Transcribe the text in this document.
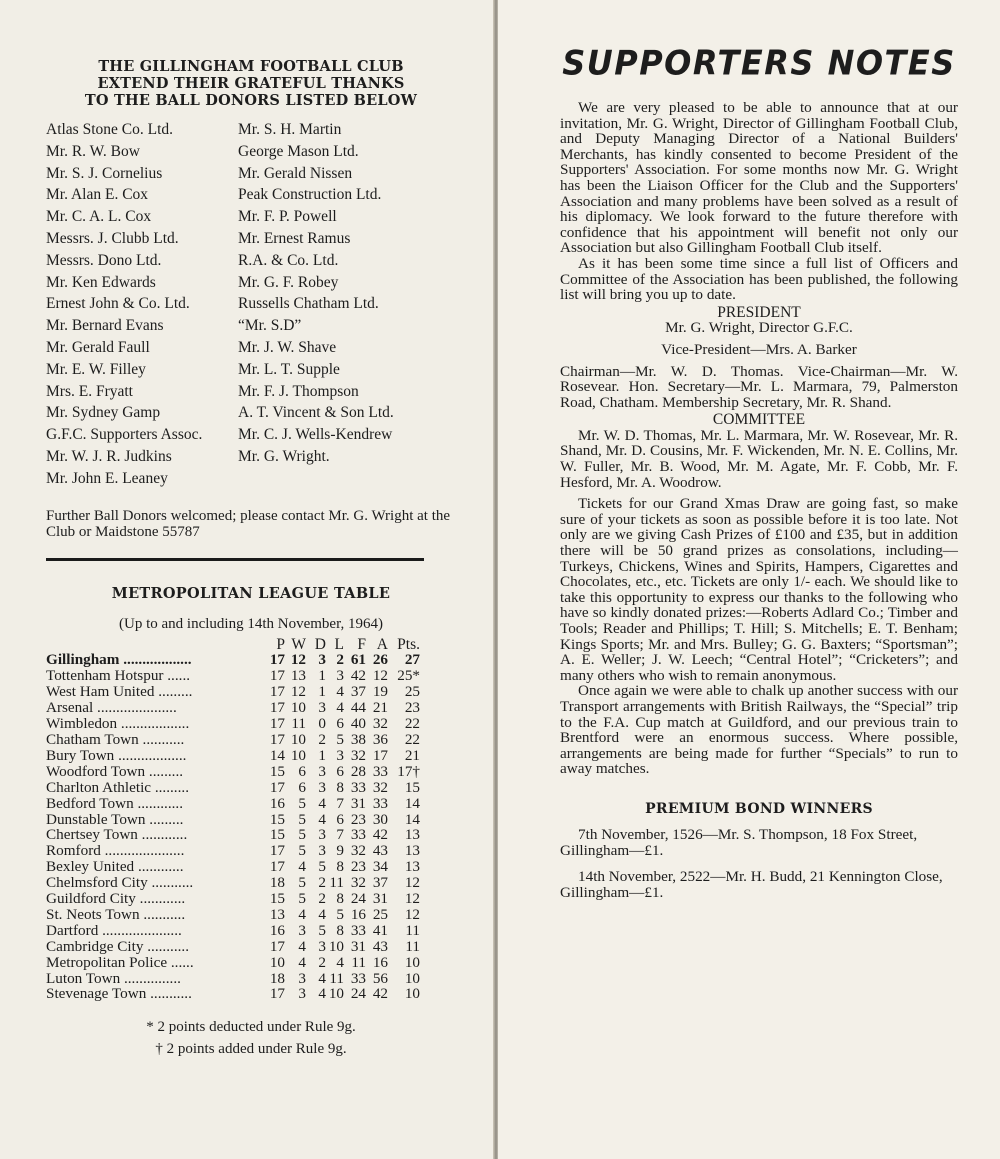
THE GILLINGHAM FOOTBALL CLUB
EXTEND THEIR GRATEFUL THANKS
TO THE BALL DONORS LISTED BELOW
Atlas Stone Co. Ltd.	Mr. S. H. Martin
Mr. R. W. Bow	George Mason Ltd.
Mr. S. J. Cornelius	Mr. Gerald Nissen
Mr. Alan E. Cox	Peak Construction Ltd.
Mr. C. A. L. Cox	Mr. F. P. Powell
Messrs. J. Clubb Ltd.	Mr. Ernest Ramus
Messrs. Dono Ltd.	R.A. & Co. Ltd.
Mr. Ken Edwards	Mr. G. F. Robey
Ernest John & Co. Ltd.	Russells Chatham Ltd.
Mr. Bernard Evans	“Mr. S.D”
Mr. Gerald Faull	Mr. J. W. Shave
Mr. E. W. Filley	Mr. L. T. Supple
Mrs. E. Fryatt	Mr. F. J. Thompson
Mr. Sydney Gamp	A. T. Vincent & Son Ltd.
G.F.C. Supporters Assoc.	Mr. C. J. Wells-Kendrew
Mr. W. J. R. Judkins	Mr. G. Wright.
Mr. John E. Leaney
Further Ball Donors welcomed; please contact Mr. G. Wright at the Club or Maidstone 55787
METROPOLITAN LEAGUE TABLE
(Up to and including 14th November, 1964)
	P	W	D	L	F	A	Pts.
Gillingham ..................	17	12	3	2	61	26	27
Tottenham Hotspur ......	17	13	1	3	42	12	25*
West Ham United .........	17	12	1	4	37	19	25
Arsenal .....................	17	10	3	4	44	21	23
Wimbledon ..................	17	11	0	6	40	32	22
Chatham Town ...........	17	10	2	5	38	36	22
Bury Town ..................	14	10	1	3	32	17	21
Woodford Town .........	15	6	3	6	28	33	17†
Charlton Athletic .........	17	6	3	8	33	32	15
Bedford Town ............	16	5	4	7	31	33	14
Dunstable Town .........	15	5	4	6	23	30	14
Chertsey Town ............	15	5	3	7	33	42	13
Romford .....................	17	5	3	9	32	43	13
Bexley United ............	17	4	5	8	23	34	13
Chelmsford City ...........	18	5	2	11	32	37	12
Guildford City ............	15	5	2	8	24	31	12
St. Neots Town ...........	13	4	4	5	16	25	12
Dartford .....................	16	3	5	8	33	41	11
Cambridge City ...........	17	4	3	10	31	43	11
Metropolitan Police ......	10	4	2	4	11	16	10
Luton Town ...............	18	3	4	11	33	56	10
Stevenage Town ...........	17	3	4	10	24	42	10
* 2 points deducted under Rule 9g.
† 2 points added under Rule 9g.
SUPPORTERS NOTES

We are very pleased to be able to announce that at our invitation, Mr. G. Wright, Director of Gillingham Football Club, and Deputy Managing Director of a National Builders' Merchants, has kindly consented to become President of the Supporters' Association. For some months now Mr. G. Wright has been the Liaison Officer for the Club and the Supporters' Association and many problems have been solved as a result of his diplomacy. We look forward to the future therefore with confidence that his appointment will benefit not only our Association but also Gillingham Football Club itself.

As it has been some time since a full list of Officers and Committee of the Association has been published, the following list will bring you up to date.

PRESIDENT

Mr. G. Wright, Director G.F.C.

Vice-President—Mrs. A. Barker

Chairman—Mr. W. D. Thomas. Vice-Chairman—Mr. W. Rosevear. Hon. Secretary—Mr. L. Marmara, 79, Palmerston Road, Chatham. Membership Secretary, Mr. R. Shand.

COMMITTEE

Mr. W. D. Thomas, Mr. L. Marmara, Mr. W. Rosevear, Mr. R. Shand, Mr. D. Cousins, Mr. F. Wickenden, Mr. N. E. Collins, Mr. W. Fuller, Mr. B. Wood, Mr. M. Agate, Mr. F. Cobb, Mr. F. Hesford, Mr. A. Woodrow.

Tickets for our Grand Xmas Draw are going fast, so make sure of your tickets as soon as possible before it is too late. Not only are we giving Cash Prizes of £100 and £35, but in addition there will be 50 grand prizes as consolations, including—Turkeys, Chickens, Wines and Spirits, Hampers, Cigarettes and Chocolates, etc., etc. Tickets are only 1/- each. We should like to take this opportunity to express our thanks to the following who have so kindly donated prizes:—Roberts Adlard Co.; Timber and Tools; Reader and Phillips; T. Hill; S. Mitchells; E. T. Benham; Kings Sports; Mr. and Mrs. Bulley; G. G. Baxters; “Sportsman”; A. E. Weller; J. W. Leech; “Central Hotel”; “Cricketers”; and many others who wish to remain anonymous.

Once again we were able to chalk up another success with our Transport arrangements with British Railways, the “Special” trip to the F.A. Cup match at Guildford, and our previous train to Brentford were an enormous success. Where possible, arrangements are being made for further “Specials” to run to away matches.

PREMIUM BOND WINNERS

7th November, 1526—Mr. S. Thompson, 18 Fox Street, Gillingham—£1.

14th November, 2522—Mr. H. Budd, 21 Kennington Close, Gillingham—£1.
